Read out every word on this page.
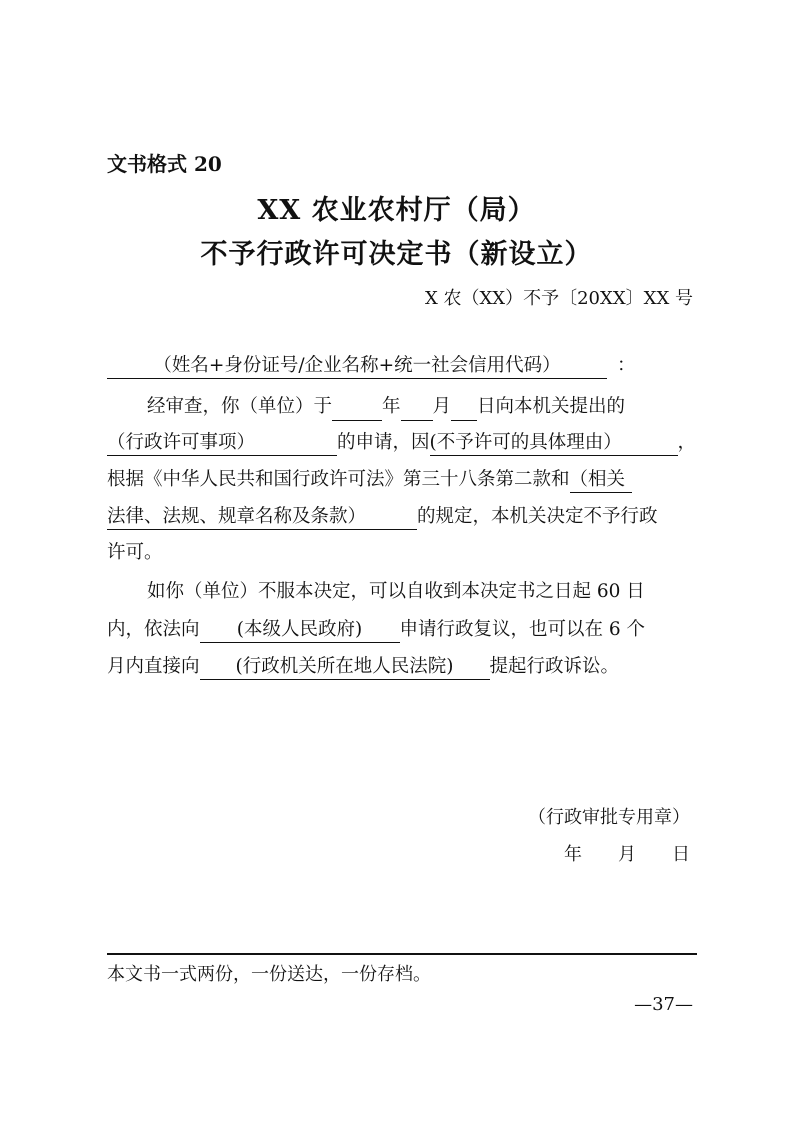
文书格式 20
XX 农业农村厅（局）
不予行政许可决定书（新设立）
X 农（XX）不予〔20XX〕XX 号
（姓名+身份证号/企业名称+统一社会信用代码）	：
经审查，你（单位）于	年 月 日向本机关提出的
（行政许可事项）	的申请，因(不予许可的具体理由）	，
根据《中华人民共和国行政许可法》第三十八条第二款和（相关
法律、法规、规章名称及条款）	的规定，本机关决定不予行政
许可。
如你（单位）不服本决定，可以自收到本决定书之日起 60 日
内，依法向 (本级人民政府) 申请行政复议，也可以在 6 个
月内直接向 (行政机关所在地人民法院) 提起行政诉讼。
（行政审批专用章）
年 月 日
本文书一式两份，一份送达，一份存档。
—37—
